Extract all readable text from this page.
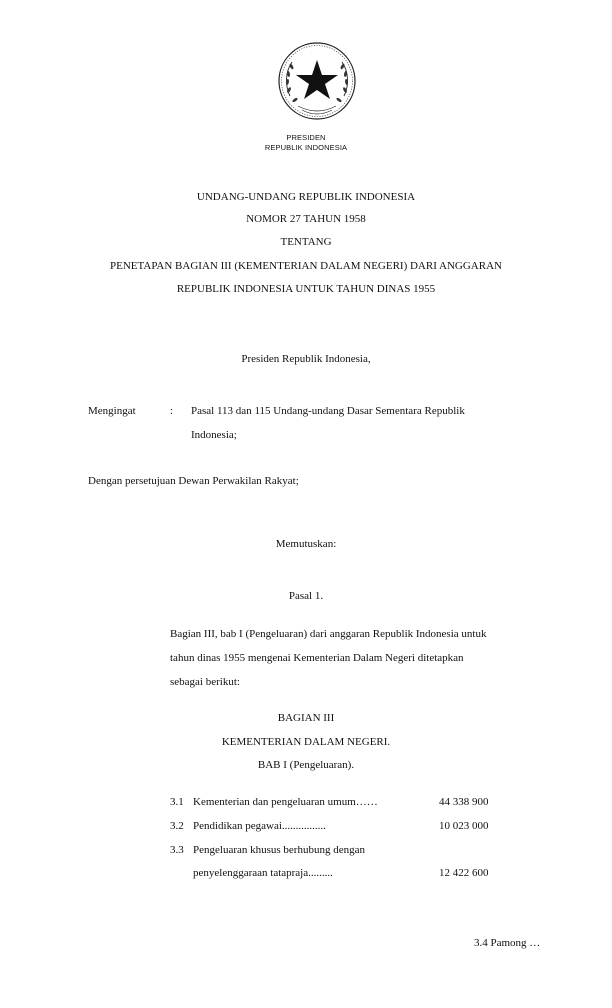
PRESIDEN
REPUBLIK INDONESIA
UNDANG-UNDANG REPUBLIK INDONESIA
NOMOR 27 TAHUN 1958
TENTANG
PENETAPAN BAGIAN III (KEMENTERIAN DALAM NEGERI) DARI ANGGARAN
REPUBLIK INDONESIA UNTUK TAHUN DINAS 1955
Presiden Republik Indonesia,
Mengingat	: Pasal 113 dan 115 Undang-undang Dasar Sementara Republik
Indonesia;
Dengan persetujuan Dewan Perwakilan Rakyat;
Memutuskan:
Pasal 1.
Bagian III, bab I (Pengeluaran) dari anggaran Republik Indonesia untuk
tahun dinas 1955 mengenai Kementerian Dalam Negeri ditetapkan
sebagai berikut:
BAGIAN III
KEMENTERIAN DALAM NEGERI.
BAB I (Pengeluaran).
3.1 Kementerian dan pengeluaran umum……	44 338 900
3.2 Pendidikan pegawai................	10 023 000
3.3 Pengeluaran khusus berhubung dengan
penyelenggaraan tatapraja.........	12 422 600
3.4 Pamong …
